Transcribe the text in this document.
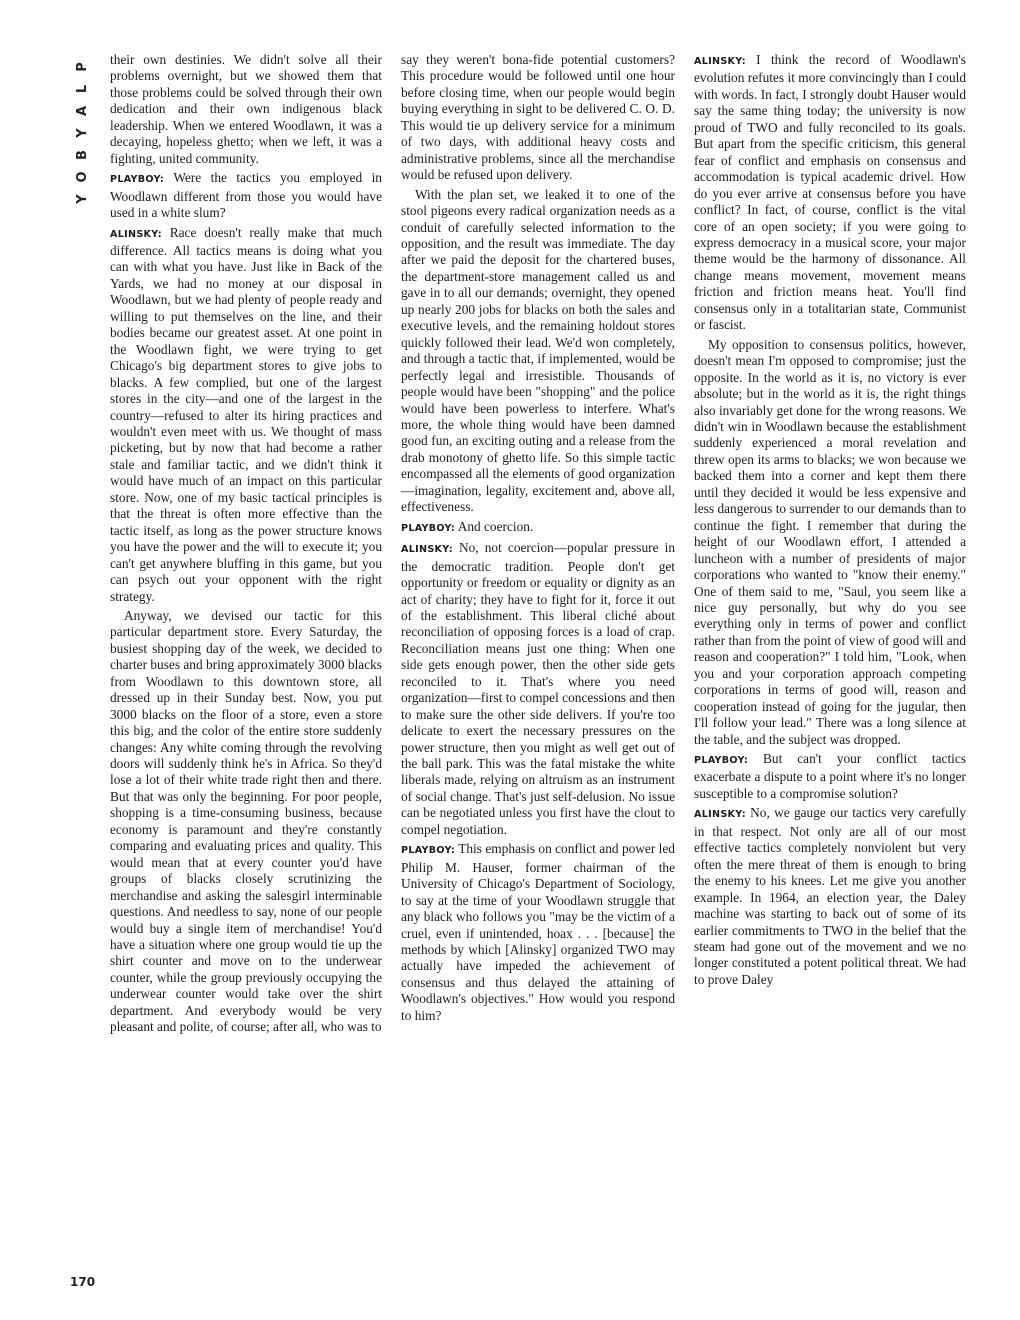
P
L
A
Y
B
O
Y

their own destinies. We didn't solve all their problems overnight, but we showed them that those problems could be solved through their own dedication and their own indigenous black leadership. When we entered Woodlawn, it was a decaying, hopeless ghetto; when we left, it was a fighting, united community.

PLAYBOY: Were the tactics you employed in Woodlawn different from those you would have used in a white slum?

ALINSKY: Race doesn't really make that much difference. All tactics means is doing what you can with what you have. Just like in Back of the Yards, we had no money at our disposal in Woodlawn, but we had plenty of people ready and willing to put themselves on the line, and their bodies became our greatest asset. At one point in the Woodlawn fight, we were trying to get Chicago's big department stores to give jobs to blacks. A few complied, but one of the largest stores in the city—and one of the largest in the country—refused to alter its hiring practices and wouldn't even meet with us. We thought of mass picketing, but by now that had become a rather stale and familiar tactic, and we didn't think it would have much of an impact on this particular store. Now, one of my basic tactical principles is that the threat is often more effective than the tactic itself, as long as the power structure knows you have the power and the will to execute it; you can't get anywhere bluffing in this game, but you can psych out your opponent with the right strategy.

Anyway, we devised our tactic for this particular department store. Every Saturday, the busiest shopping day of the week, we decided to charter buses and bring approximately 3000 blacks from Woodlawn to this downtown store, all dressed up in their Sunday best. Now, you put 3000 blacks on the floor of a store, even a store this big, and the color of the entire store suddenly changes: Any white coming through the revolving doors will suddenly think he's in Africa. So they'd lose a lot of their white trade right then and there. But that was only the beginning. For poor people, shopping is a time-consuming business, because economy is paramount and they're constantly comparing and evaluating prices and quality. This would mean that at every counter you'd have groups of blacks closely scrutinizing the merchandise and asking the salesgirl interminable questions. And needless to say, none of our people would buy a single item of merchandise! You'd have a situation where one group would tie up the shirt counter and move on to the underwear counter, while the group previously occupying the underwear counter would take over the shirt department. And everybody would be very pleasant and polite, of course; after all, who was to

say they weren't bona-fide potential customers? This procedure would be followed until one hour before closing time, when our people would begin buying everything in sight to be delivered C. O. D. This would tie up delivery service for a minimum of two days, with additional heavy costs and administrative problems, since all the merchandise would be refused upon delivery.

With the plan set, we leaked it to one of the stool pigeons every radical organization needs as a conduit of carefully selected information to the opposition, and the result was immediate. The day after we paid the deposit for the chartered buses, the department-store management called us and gave in to all our demands; overnight, they opened up nearly 200 jobs for blacks on both the sales and executive levels, and the remaining holdout stores quickly followed their lead. We'd won completely, and through a tactic that, if implemented, would be perfectly legal and irresistible. Thousands of people would have been "shopping" and the police would have been powerless to interfere. What's more, the whole thing would have been damned good fun, an exciting outing and a release from the drab monotony of ghetto life. So this simple tactic encompassed all the elements of good organization—imagination, legality, excitement and, above all, effectiveness.

PLAYBOY: And coercion.

ALINSKY: No, not coercion—popular pressure in the democratic tradition. People don't get opportunity or freedom or equality or dignity as an act of charity; they have to fight for it, force it out of the establishment. This liberal cliché about reconciliation of opposing forces is a load of crap. Reconciliation means just one thing: When one side gets enough power, then the other side gets reconciled to it. That's where you need organization—first to compel concessions and then to make sure the other side delivers. If you're too delicate to exert the necessary pressures on the power structure, then you might as well get out of the ball park. This was the fatal mistake the white liberals made, relying on altruism as an instrument of social change. That's just self-delusion. No issue can be negotiated unless you first have the clout to compel negotiation.

PLAYBOY: This emphasis on conflict and power led Philip M. Hauser, former chairman of the University of Chicago's Department of Sociology, to say at the time of your Woodlawn struggle that any black who follows you "may be the victim of a cruel, even if unintended, hoax . . . [because] the methods by which [Alinsky] organized TWO may actually have impeded the achievement of consensus and thus delayed the attaining of Woodlawn's objectives." How would you respond to him?

ALINSKY: I think the record of Woodlawn's evolution refutes it more convincingly than I could with words. In fact, I strongly doubt Hauser would say the same thing today; the university is now proud of TWO and fully reconciled to its goals. But apart from the specific criticism, this general fear of conflict and emphasis on consensus and accommodation is typical academic drivel. How do you ever arrive at consensus before you have conflict? In fact, of course, conflict is the vital core of an open society; if you were going to express democracy in a musical score, your major theme would be the harmony of dissonance. All change means movement, movement means friction and friction means heat. You'll find consensus only in a totalitarian state, Communist or fascist.

My opposition to consensus politics, however, doesn't mean I'm opposed to compromise; just the opposite. In the world as it is, no victory is ever absolute; but in the world as it is, the right things also invariably get done for the wrong reasons. We didn't win in Woodlawn because the establishment suddenly experienced a moral revelation and threw open its arms to blacks; we won because we backed them into a corner and kept them there until they decided it would be less expensive and less dangerous to surrender to our demands than to continue the fight. I remember that during the height of our Woodlawn effort, I attended a luncheon with a number of presidents of major corporations who wanted to "know their enemy." One of them said to me, "Saul, you seem like a nice guy personally, but why do you see everything only in terms of power and conflict rather than from the point of view of good will and reason and cooperation?" I told him, "Look, when you and your corporation approach competing corporations in terms of good will, reason and cooperation instead of going for the jugular, then I'll follow your lead." There was a long silence at the table, and the subject was dropped.

PLAYBOY: But can't your conflict tactics exacerbate a dispute to a point where it's no longer susceptible to a compromise solution?

ALINSKY: No, we gauge our tactics very carefully in that respect. Not only are all of our most effective tactics completely nonviolent but very often the mere threat of them is enough to bring the enemy to his knees. Let me give you another example. In 1964, an election year, the Daley machine was starting to back out of some of its earlier commitments to TWO in the belief that the steam had gone out of the movement and we no longer constituted a potent political threat. We had to prove Daley

170
